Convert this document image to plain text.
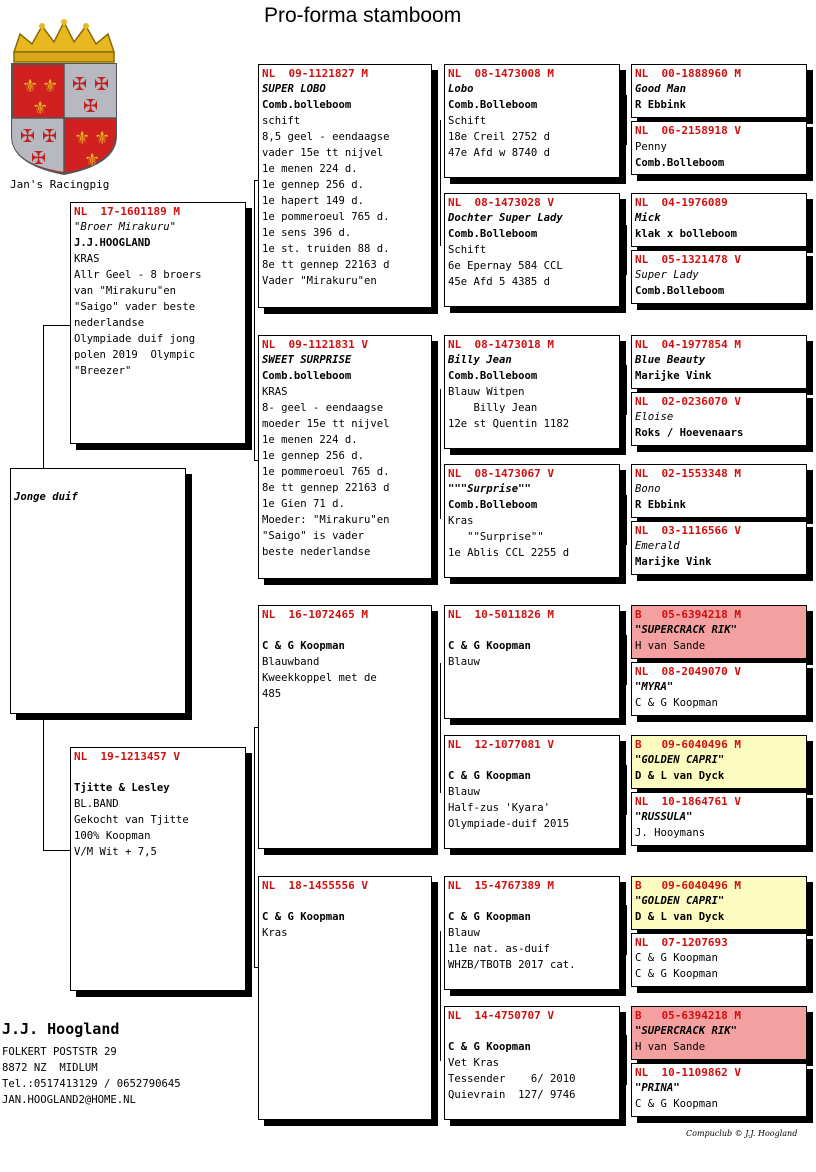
Pro-forma stamboom
⚜ ⚜
⚜
⚜ ⚜
⚜
✠ ✠
✠
✠ ✠
✠
Jan's Racingpig
Jonge duif
NL  17-1601189 M
"Broer Mirakuru"
J.J.HOOGLAND
KRAS
Allr Geel - 8 broers
van "Mirakuru"en
"Saigo" vader beste
nederlandse
Olympiade duif jong
polen 2019  Olympic
"Breezer"
NL  19-1213457 V
Tjitte & Lesley
BL.BAND
Gekocht van Tjitte
100% Koopman
V/M Wit + 7,5
NL  09-1121827 M
SUPER LOBO
Comb.bolleboom
schift
8,5 geel - eendaagse
vader 15e tt nijvel
1e menen 224 d.
1e gennep 256 d.
1e hapert 149 d.
1e pommeroeul 765 d.
1e sens 396 d.
1e st. truiden 88 d.
8e tt gennep 22163 d
Vader "Mirakuru"en
NL  09-1121831 V
SWEET SURPRISE
Comb.bolleboom
KRAS
8- geel - eendaagse
moeder 15e tt nijvel
1e menen 224 d.
1e gennep 256 d.
1e pommeroeul 765 d.
8e tt gennep 22163 d
1e Gien 71 d.
Moeder: "Mirakuru"en
"Saigo" is vader
beste nederlandse
NL  16-1072465 M
C & G Koopman
Blauwband
Kweekkoppel met de
485
NL  18-1455556 V
C & G Koopman
Kras
NL  08-1473008 M
Lobo
Comb.Bolleboom
Schift
18e Creil 2752 d
47e Afd w 8740 d
NL  08-1473028 V
Dochter Super Lady
Comb.Bolleboom
Schift
6e Epernay 584 CCL
45e Afd 5 4385 d
NL  08-1473018 M
Billy Jean
Comb.Bolleboom
Blauw Witpen
Billy Jean
12e st Quentin 1182
NL  08-1473067 V
"""Surprise""
Comb.Bolleboom
Kras
""Surprise""
1e Ablis CCL 2255 d
NL  10-5011826 M
C & G Koopman
Blauw
NL  12-1077081 V
C & G Koopman
Blauw
Half-zus 'Kyara'
Olympiade-duif 2015
NL  15-4767389 M
C & G Koopman
Blauw
11e nat. as-duif
WHZB/TBOTB 2017 cat.
NL  14-4750707 V
C & G Koopman
Vet Kras
Tessender    6/ 2010
Quievrain  127/ 9746
NL  00-1888960 M
Good Man
R Ebbink
NL  06-2158918 V
Penny
Comb.Bolleboom
NL  04-1976089
Mick
klak x bolleboom
NL  05-1321478 V
Super Lady
Comb.Bolleboom
NL  04-1977854 M
Blue Beauty
Marijke Vink
NL  02-0236070 V
Eloise
Roks / Hoevenaars
NL  02-1553348 M
Bono
R Ebbink
NL  03-1116566 V
Emerald
Marijke Vink
B   05-6394218 M
"SUPERCRACK RIK"
H van Sande
NL  08-2049070 V
"MYRA"
C & G Koopman
B   09-6040496 M
"GOLDEN CAPRI"
D & L van Dyck
NL  10-1864761 V
"RUSSULA"
J. Hooymans
B   09-6040496 M
"GOLDEN CAPRI"
D & L van Dyck
NL  07-1207693
C & G Koopman
C & G Koopman
B   05-6394218 M
"SUPERCRACK RIK"
H van Sande
NL  10-1109862 V
"PRINA"
C & G Koopman
J.J. Hoogland
FOLKERT POSTSTR 29
8872 NZ  MIDLUM
Tel.:0517413129 / 0652790645
JAN.HOOGLAND2@HOME.NL
Compuclub © J.J. Hoogland
